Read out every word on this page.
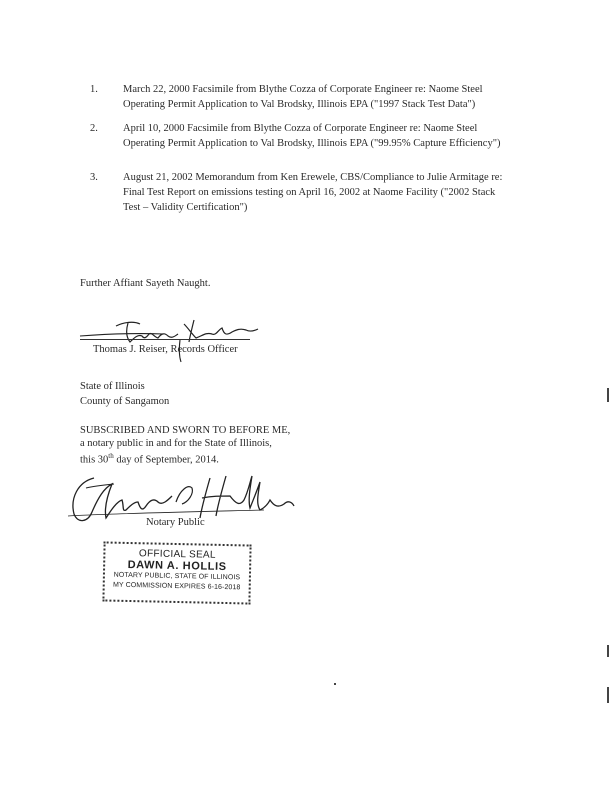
1. March 22, 2000 Facsimile from Blythe Cozza of Corporate Engineer re: Naome Steel Operating Permit Application to Val Brodsky, Illinois EPA ("1997 Stack Test Data")
2. April 10, 2000 Facsimile from Blythe Cozza of Corporate Engineer re: Naome Steel Operating Permit Application to Val Brodsky, Illinois EPA ("99.95% Capture Efficiency")
3. August 21, 2002 Memorandum from Ken Erewele, CBS/Compliance to Julie Armitage re: Final Test Report on emissions testing on April 16, 2002 at Naome Facility ("2002 Stack Test – Validity Certification")
Further Affiant Sayeth Naught.
Thomas J. Reiser, Records Officer
State of Illinois
County of Sangamon
SUBSCRIBED AND SWORN TO BEFORE ME,
a notary public in and for the State of Illinois,
this 30th day of September, 2014.
Notary Public
OFFICIAL SEAL
DAWN A. HOLLIS
NOTARY PUBLIC, STATE OF ILLINOIS
MY COMMISSION EXPIRES 6-16-2018
